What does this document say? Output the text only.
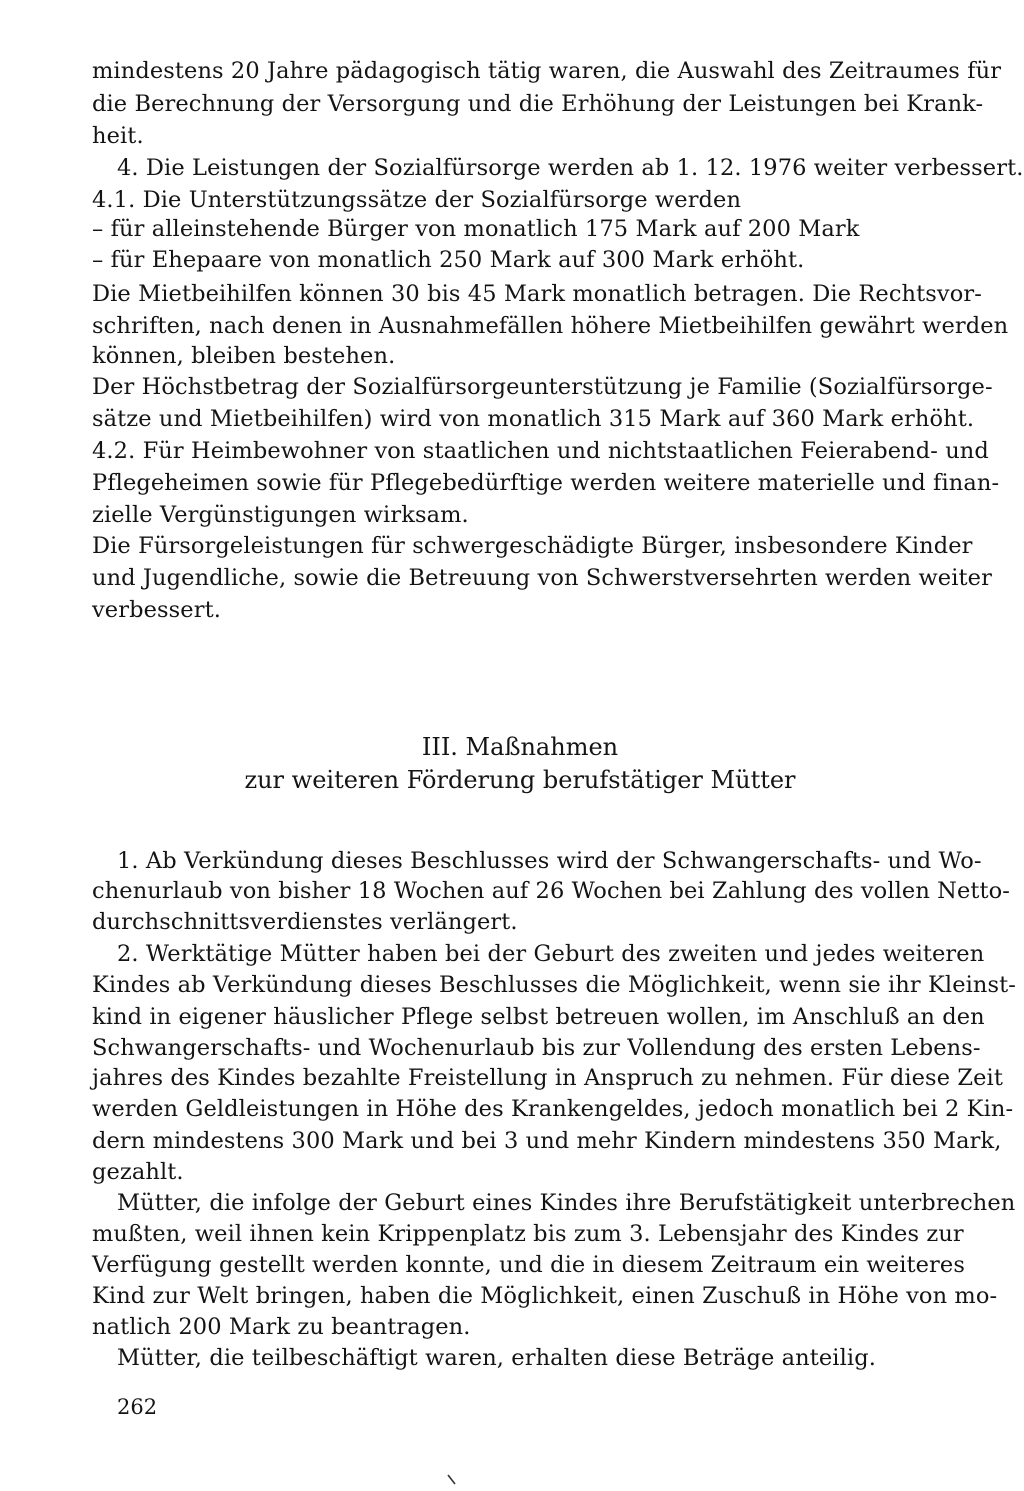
mindestens 20 Jahre pädagogisch tätig waren, die Auswahl des Zeitraumes für
die Berechnung der Versorgung und die Erhöhung der Leistungen bei Krank-
heit.
4. Die Leistungen der Sozialfürsorge werden ab 1. 12. 1976 weiter verbessert.
4.1. Die Unterstützungssätze der Sozialfürsorge werden
– für alleinstehende Bürger von monatlich 175 Mark auf 200 Mark
– für Ehepaare von monatlich 250 Mark auf 300 Mark erhöht.
Die Mietbeihilfen können 30 bis 45 Mark monatlich betragen. Die Rechtsvor-
schriften, nach denen in Ausnahmefällen höhere Mietbeihilfen gewährt werden
können, bleiben bestehen.
Der Höchstbetrag der Sozialfürsorgeunterstützung je Familie (Sozialfürsorge-
sätze und Mietbeihilfen) wird von monatlich 315 Mark auf 360 Mark erhöht.
4.2. Für Heimbewohner von staatlichen und nichtstaatlichen Feierabend- und
Pflegeheimen sowie für Pflegebedürftige werden weitere materielle und finan-
zielle Vergünstigungen wirksam.
Die Fürsorgeleistungen für schwergeschädigte Bürger, insbesondere Kinder
und Jugendliche, sowie die Betreuung von Schwerstversehrten werden weiter
verbessert.
III. Maßnahmen
zur weiteren Förderung berufstätiger Mütter
1. Ab Verkündung dieses Beschlusses wird der Schwangerschafts- und Wo-
chenurlaub von bisher 18 Wochen auf 26 Wochen bei Zahlung des vollen Netto-
durchschnittsverdienstes verlängert.
2. Werktätige Mütter haben bei der Geburt des zweiten und jedes weiteren
Kindes ab Verkündung dieses Beschlusses die Möglichkeit, wenn sie ihr Kleinst-
kind in eigener häuslicher Pflege selbst betreuen wollen, im Anschluß an den
Schwangerschafts- und Wochenurlaub bis zur Vollendung des ersten Lebens-
jahres des Kindes bezahlte Freistellung in Anspruch zu nehmen. Für diese Zeit
werden Geldleistungen in Höhe des Krankengeldes, jedoch monatlich bei 2 Kin-
dern mindestens 300 Mark und bei 3 und mehr Kindern mindestens 350 Mark,
gezahlt.
Mütter, die infolge der Geburt eines Kindes ihre Berufstätigkeit unterbrechen
mußten, weil ihnen kein Krippenplatz bis zum 3. Lebensjahr des Kindes zur
Verfügung gestellt werden konnte, und die in diesem Zeitraum ein weiteres
Kind zur Welt bringen, haben die Möglichkeit, einen Zuschuß in Höhe von mo-
natlich 200 Mark zu beantragen.
Mütter, die teilbeschäftigt waren, erhalten diese Beträge anteilig.
262
